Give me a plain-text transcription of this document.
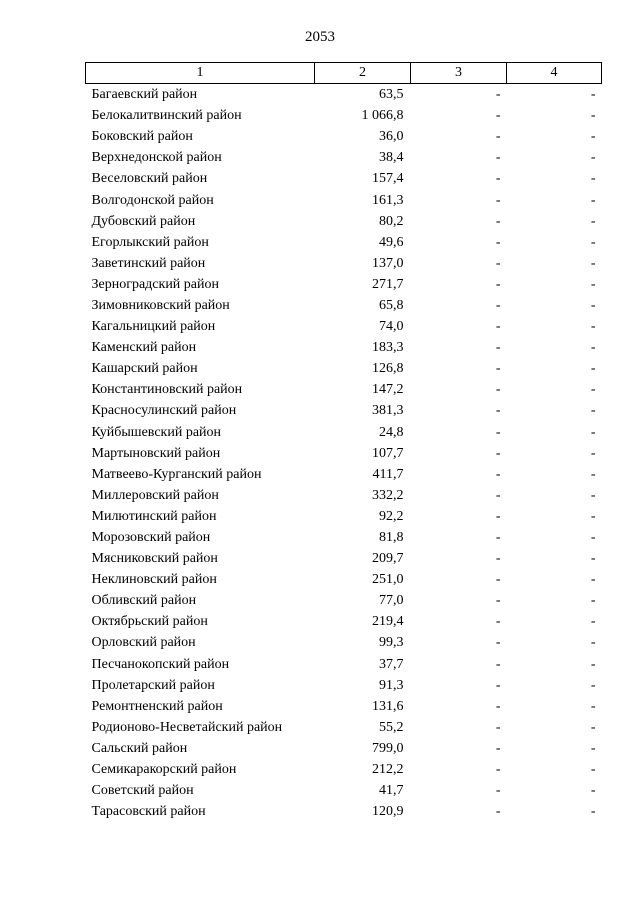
2053
1	2	3	4
Багаевский район	63,5	-	-
Белокалитвинский район	1 066,8	-	-
Боковский район	36,0	-	-
Верхнедонской район	38,4	-	-
Веселовский район	157,4	-	-
Волгодонской район	161,3	-	-
Дубовский район	80,2	-	-
Егорлыкский район	49,6	-	-
Заветинский район	137,0	-	-
Зерноградский район	271,7	-	-
Зимовниковский район	65,8	-	-
Кагальницкий район	74,0	-	-
Каменский район	183,3	-	-
Кашарский район	126,8	-	-
Константиновский район	147,2	-	-
Красносулинский район	381,3	-	-
Куйбышевский район	24,8	-	-
Мартыновский район	107,7	-	-
Матвеево-Курганский район	411,7	-	-
Миллеровский район	332,2	-	-
Милютинский район	92,2	-	-
Морозовский район	81,8	-	-
Мясниковский район	209,7	-	-
Неклиновский район	251,0	-	-
Обливский район	77,0	-	-
Октябрьский район	219,4	-	-
Орловский район	99,3	-	-
Песчанокопский район	37,7	-	-
Пролетарский район	91,3	-	-
Ремонтненский район	131,6	-	-
Родионово-Несветайский район	55,2	-	-
Сальский район	799,0	-	-
Семикаракорский район	212,2	-	-
Советский район	41,7	-	-
Тарасовский район	120,9	-	-
